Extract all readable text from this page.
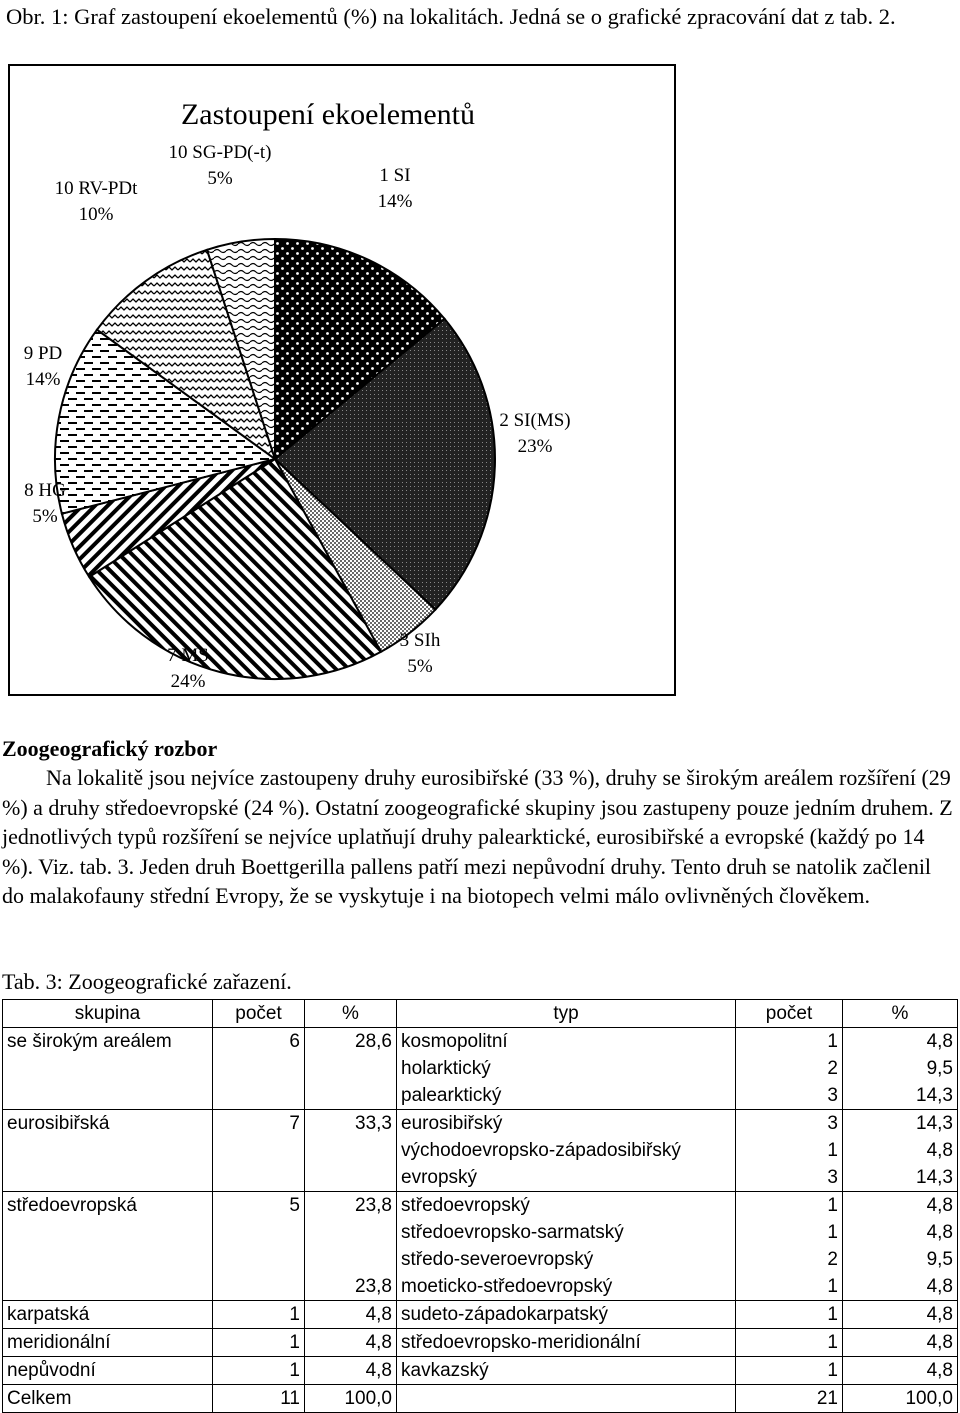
Obr. 1: Graf zastoupení ekoelementů (%) na lokalitách. Jedná se o grafické zpracování dat z tab. 2.
Zastoupení ekoelementů
1 SI
14%
2 SI(MS)
23%
3 SIh
5%
7 MS
24%
8 HG
5%
9 PD
14%
10 RV-PDt
10%
10 SG-PD(-t)
5%
Zoogeografický rozbor
Na lokalitě jsou nejvíce zastoupeny druhy eurosibiřské (33 %), druhy se širokým areálem rozšíření (29 %) a druhy středoevropské (24 %). Ostatní zoogeografické skupiny jsou zastupeny pouze jedním druhem. Z jednotlivých typů rozšíření se nejvíce uplatňují druhy palearktické, eurosibiřské a evropské (každý po 14 %). Viz. tab. 3. Jeden druh Boettgerilla pallens patří mezi nepůvodní druhy. Tento druh se natolik začlenil do malakofauny střední Evropy, že se vyskytuje i na biotopech velmi málo ovlivněných člověkem.
Tab. 3: Zoogeografické zařazení.
skupina	počet	%	typ	počet	%
se širokým areálem	6	28,6	kosmopolitní	1	4,8
			holarktický	2	9,5
			palearktický	3	14,3
eurosibiřská	7	33,3	eurosibiřský	3	14,3
			východoevropsko-západosibiřský	1	4,8
			evropský	3	14,3
středoevropská	5	23,8	středoevropský	1	4,8
			středoevropsko-sarmatský	1	4,8
			středo-severoevropský	2	9,5
		23,8	moeticko-středoevropský	1	4,8
karpatská	1	4,8	sudeto-západokarpatský	1	4,8
meridionální	1	4,8	středoevropsko-meridionální	1	4,8
nepůvodní	1	4,8	kavkazský	1	4,8
Celkem	11	100,0		21	100,0
